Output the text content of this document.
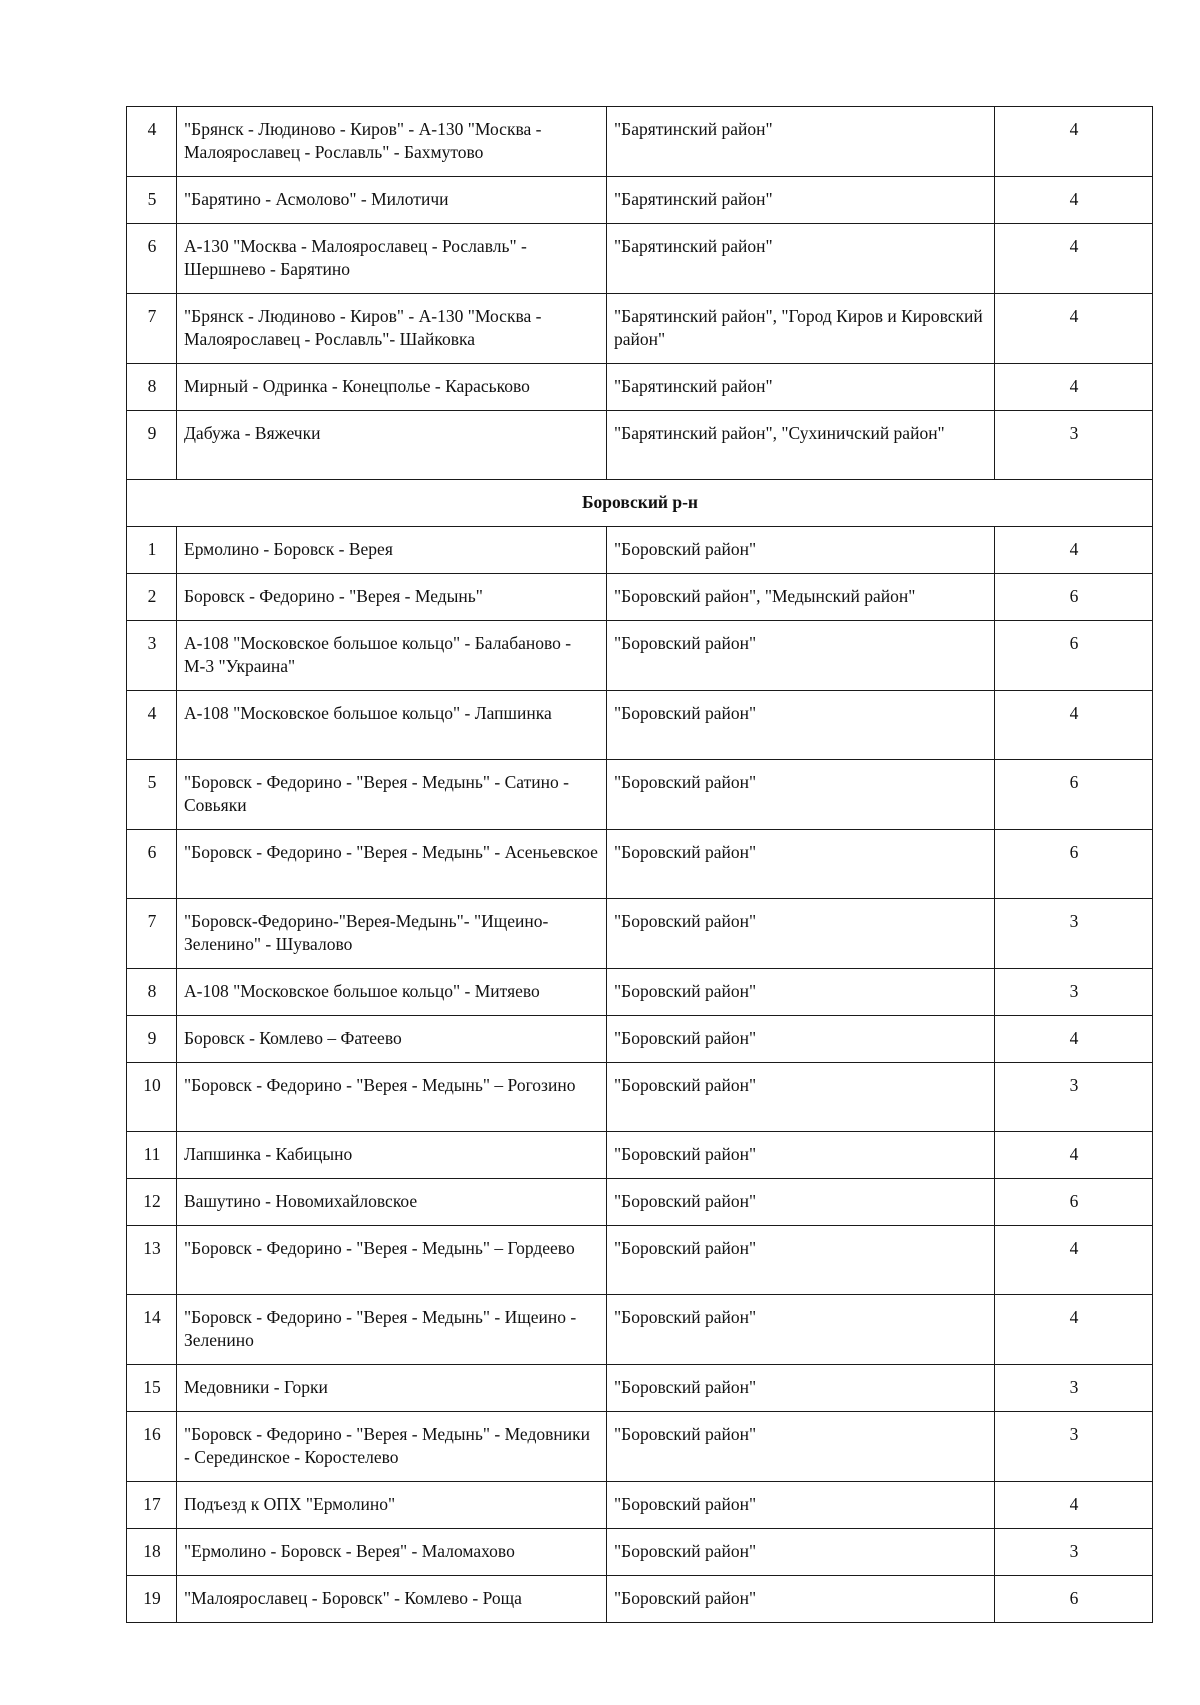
4	"Брянск - Людиново - Киров" - А-130 "Москва - Малоярославец - Рославль" - Бахмутово	"Барятинский район"	4
5	"Барятино - Асмолово" - Милотичи	"Барятинский район"	4
6	А-130 "Москва - Малоярославец - Рославль" - Шершнево - Барятино	"Барятинский район"	4
7	"Брянск - Людиново - Киров" - А-130 "Москва - Малоярославец - Рославль"- Шайковка	"Барятинский район", "Город Киров и Кировский район"	4
8	Мирный - Одринка - Конецполье - Караськово	"Барятинский район"	4
9	Дабужа - Вяжечки	"Барятинский район", "Сухиничский район"	3
Боровский р-н			
1	Ермолино - Боровск - Верея	"Боровский район"	4
2	Боровск - Федорино - "Верея - Медынь"	"Боровский район", "Медынский район"	6
3	А-108 "Московское большое кольцо" - Балабаново - М-3 "Украина"	"Боровский район"	6
4	А-108 "Московское большое кольцо" - Лапшинка	"Боровский район"	4
5	"Боровск - Федорино - "Верея - Медынь" - Сатино - Совьяки	"Боровский район"	6
6	"Боровск - Федорино - "Верея - Медынь" - Асеньевское	"Боровский район"	6
7	"Боровск-Федорино-"Верея-Медынь"- "Ищеино-Зеленино" - Шувалово	"Боровский район"	3
8	А-108 "Московское большое кольцо" - Митяево	"Боровский район"	3
9	Боровск - Комлево – Фатеево	"Боровский район"	4
10	"Боровск - Федорино - "Верея - Медынь" – Рогозино	"Боровский район"	3
11	Лапшинка - Кабицыно	"Боровский район"	4
12	Вашутино - Новомихайловское	"Боровский район"	6
13	"Боровск - Федорино - "Верея - Медынь" – Гордеево	"Боровский район"	4
14	"Боровск - Федорино - "Верея - Медынь" - Ищеино - Зеленино	"Боровский район"	4
15	Медовники - Горки	"Боровский район"	3
16	"Боровск - Федорино - "Верея - Медынь" - Медовники - Серединское - Коростелево	"Боровский район"	3
17	Подъезд к ОПХ "Ермолино"	"Боровский район"	4
18	"Ермолино - Боровск - Верея" - Маломахово	"Боровский район"	3
19	"Малоярославец - Боровск" - Комлево - Роща	"Боровский район"	6
